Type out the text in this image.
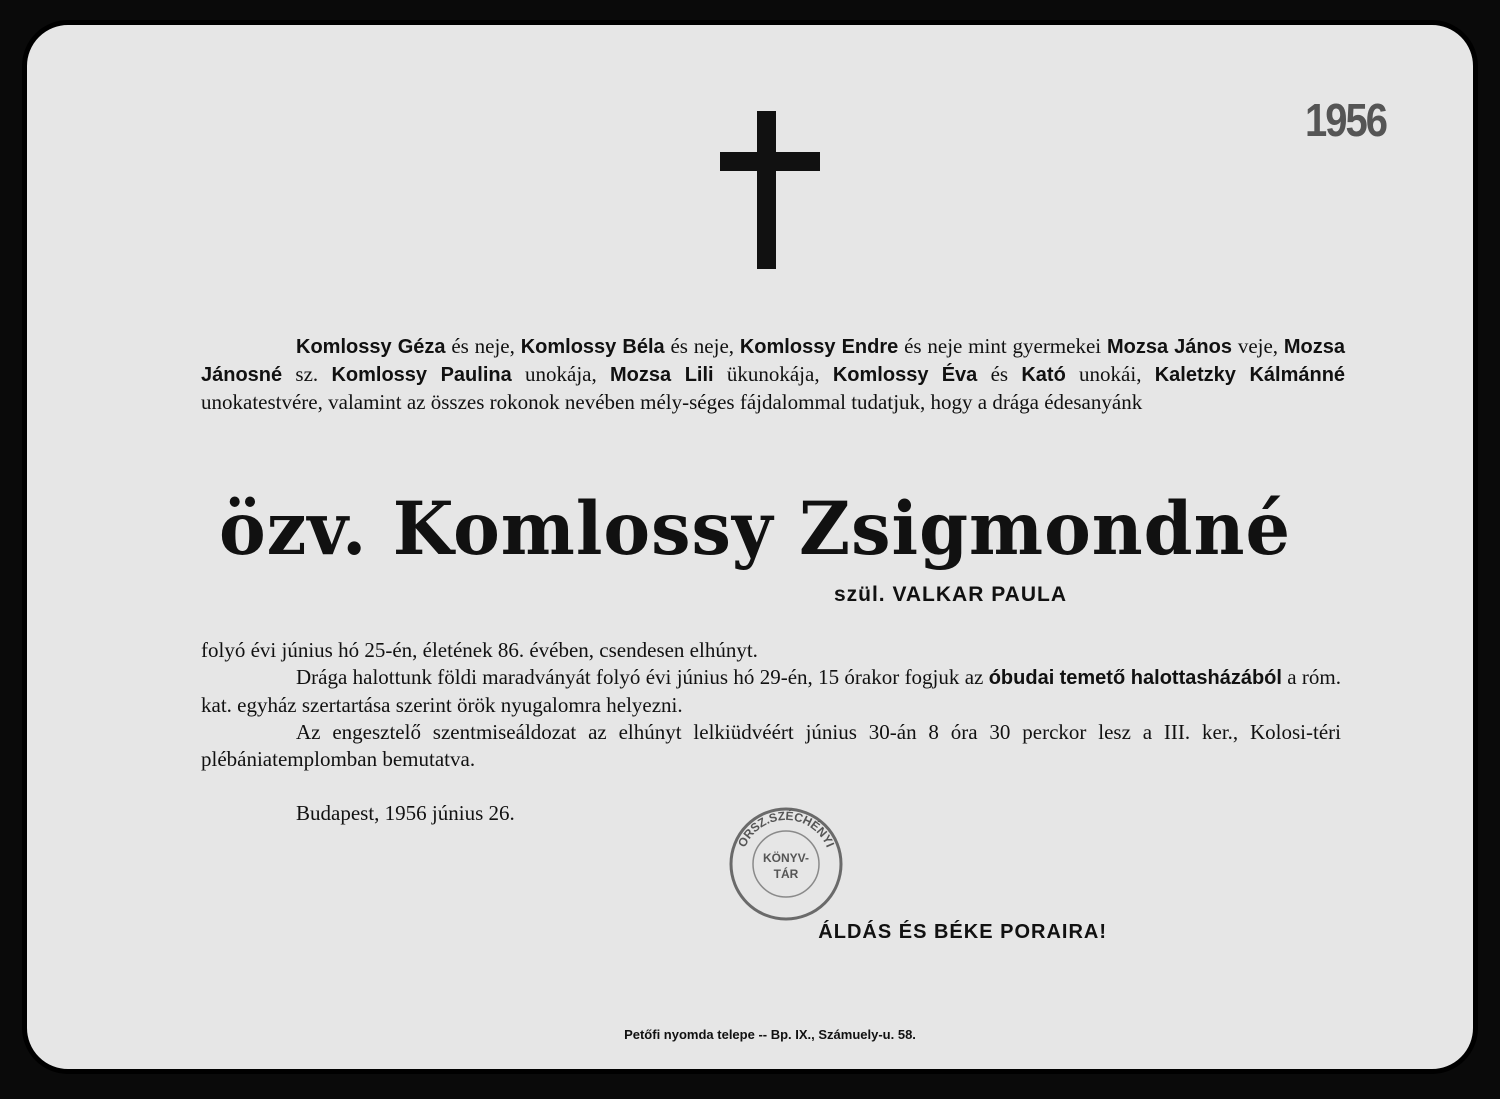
1956

Komlossy Géza és neje, Komlossy Béla és neje, Komlossy Endre és neje mint gyermekei Mozsa János veje, Mozsa Jánosné sz. Komlossy Paulina unokája, Mozsa Lili ükunokája, Komlossy Éva és Kató unokái, Kaletzky Kálmánné unokatestvére, valamint az összes rokonok nevében mély-séges fájdalommal tudatjuk, hogy a drága édesanyánk

özv. Komlossy Zsigmondné
szül. VALKAR PAULA

folyó évi június hó 25-én, életének 86. évében, csendesen elhúnyt.

Drága halottunk földi maradványát folyó évi június hó 29-én, 15 órakor fogjuk az óbudai temető halottasházából a róm. kat. egyház szertartása szerint örök nyugalomra helyezni.

Az engesztelő szentmiseáldozat az elhúnyt lelkiüdvéért június 30-án 8 óra 30 perckor lesz a III. ker., Kolosi-téri plébániatemplomban bemutatva.

Budapest, 1956 június 26.
ORSZ.SZÉCHÉNYI
KÖNYV-
TÁR
ÁLDÁS ÉS BÉKE PORAIRA!
Petőfi nyomda telepe -- Bp. IX., Számuely-u. 58.
